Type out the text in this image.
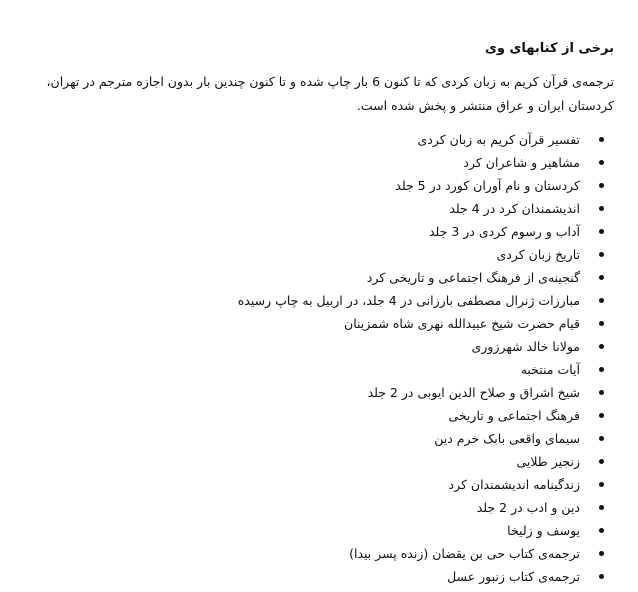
برخی از کتابهای وی

ترجمه‌ی قرآن کریم به زبان کردی که تا کنون 6 بار چاپ شده و تا کنون چندین بار بدون اجازه مترجم در تهران، کردستان ایران و عراق منتشر و پخش شده است.

تفسیر قرآن کریم به زبان کردی
مشاهیر و شاعران کرد
کردستان و نام آوران کورد در 5 جلد
اندیشمندان کرد در 4 جلد
آداب و رسوم کردی در 3 جلد
تاریخ زبان کردی
گنجینه‌ی از فرهنگ اجتماعی و تاریخی کرد
مبارزات ژنرال مصطفی بارزانی در 4 جلد، در اربیل به چاپ رسیده
قیام حضرت شیخ عبیدالله نهری شاه شمزینان
مولانا خالد شهرزوری
آیات منتخبه
شیخ اشراق و صلاح الدین ایوبی در 2 جلد
فرهنگ اجتماعی و تاریخی
سیمای واقعی بابک خرم دین
زنجیر طلایی
زندگینامه اندیشمندان کرد
دین و ادب در 2 جلد
یوسف و زلیخا
ترجمه‌ی کتاب حی بن یقضان (زنده پسر بیدا)
ترجمه‌ی کتاب زنبور عسل
